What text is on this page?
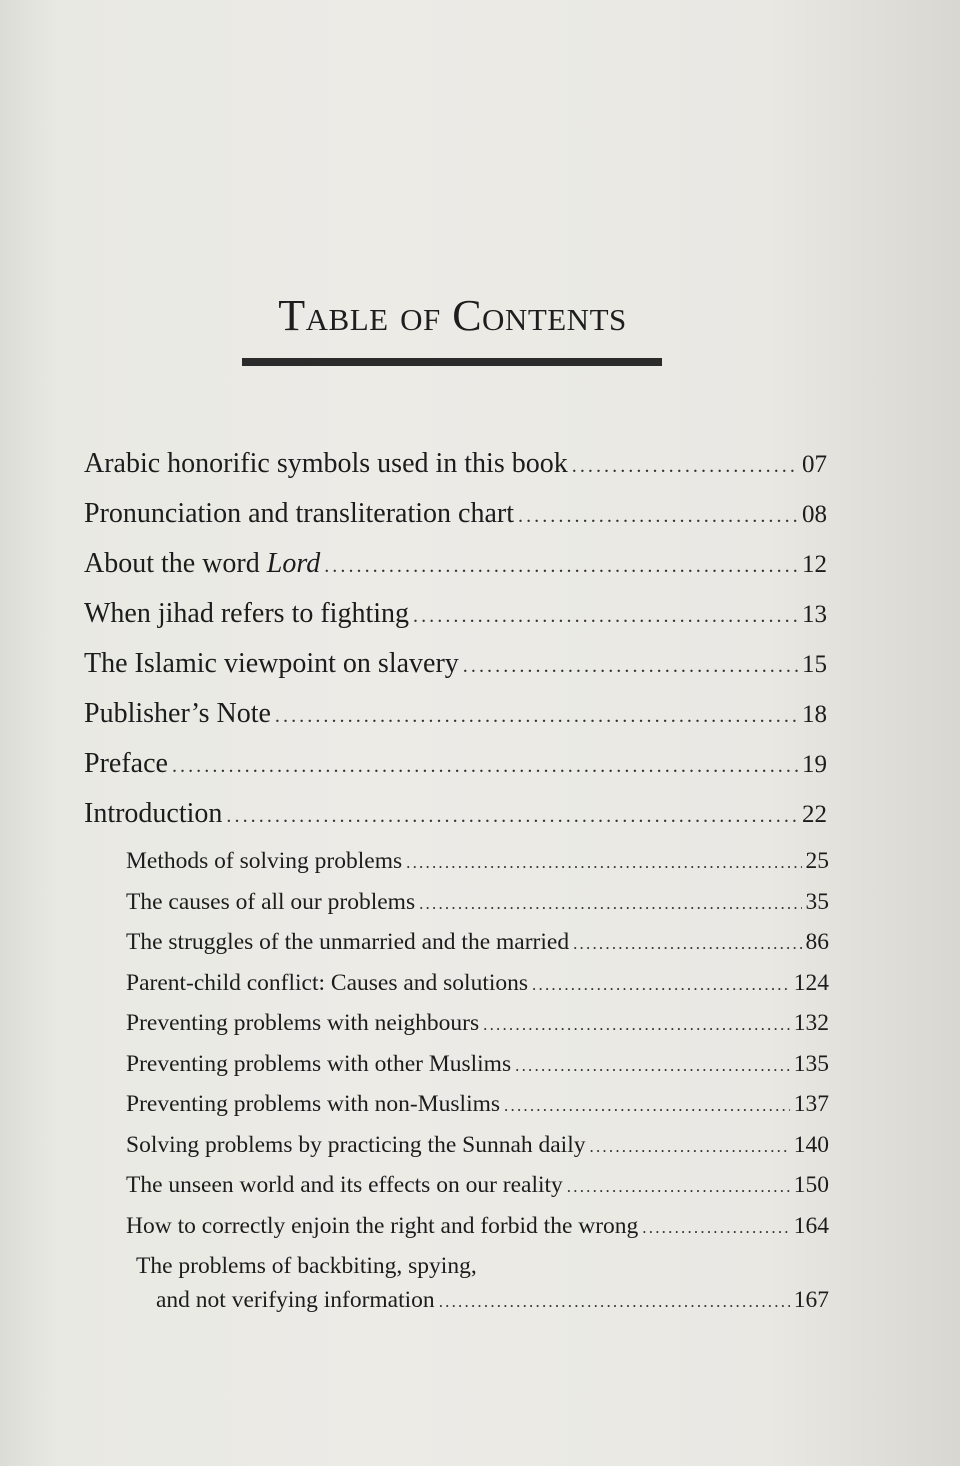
Table of Contents
Arabic honorific symbols used in this book . . .	07
Pronunciation and transliteration chart . . .	08
About the word Lord . . .	12
When jihad refers to fighting . . .	13
The Islamic viewpoint on slavery . . .	15
Publisher’s Note . . .	18
Preface . . .	19
Introduction . . .	22
Methods of solving problems . . .	25
The causes of all our problems . . .	35
The struggles of the unmarried and the married . . .	86
Parent-child conflict: Causes and solutions . . .	124
Preventing problems with neighbours . . .	132
Preventing problems with other Muslims . . .	135
Preventing problems with non-Muslims . . .	137
Solving problems by practicing the Sunnah daily . . .	140
The unseen world and its effects on our reality . . .	150
How to correctly enjoin the right and forbid the wrong . . .	164
The problems of backbiting, spying,
and not verifying information . . .	167
